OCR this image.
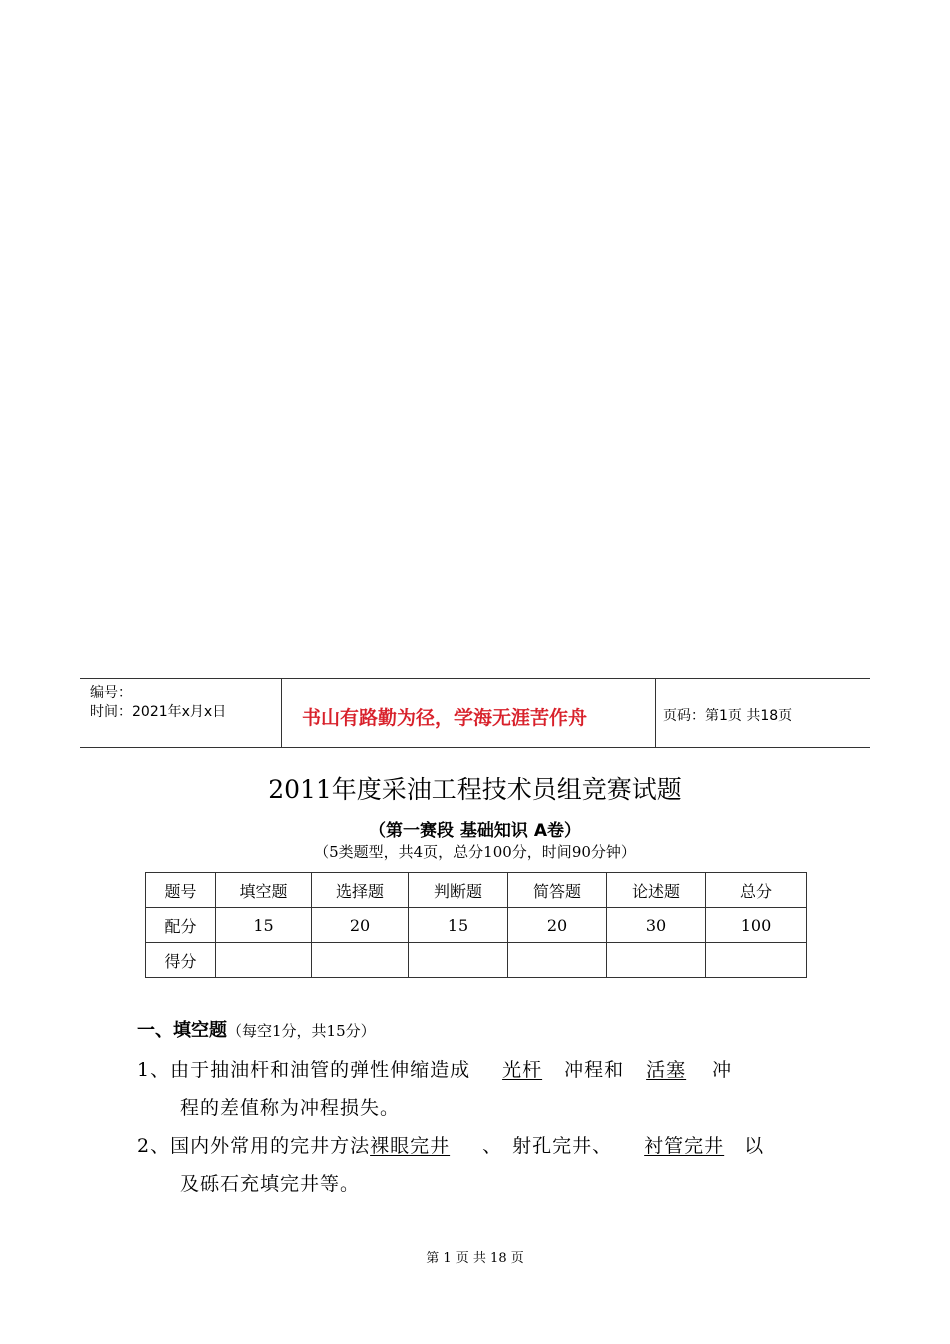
编号：
时间：2021年x月x日	书山有路勤为径，学海无涯苦作舟	页码：第1页 共18页
2011年度采油工程技术员组竞赛试题
（第一赛段 基础知识 A卷）
（5类题型，共4页，总分100分，时间90分钟）
题号	填空题	选择题	判断题	简答题	论述题	总分
配分	15	20	15	20	30	100
得分						
一、填空题（每空1分，共15分）
1、由于抽油杆和油管的弹性伸缩造成 光杆 冲程和 活塞 冲
程的差值称为冲程损失。
2、国内外常用的完井方法裸眼完井 、 射孔完井、 衬管完井 以
及砾石充填完井等。
第 1 页 共 18 页
